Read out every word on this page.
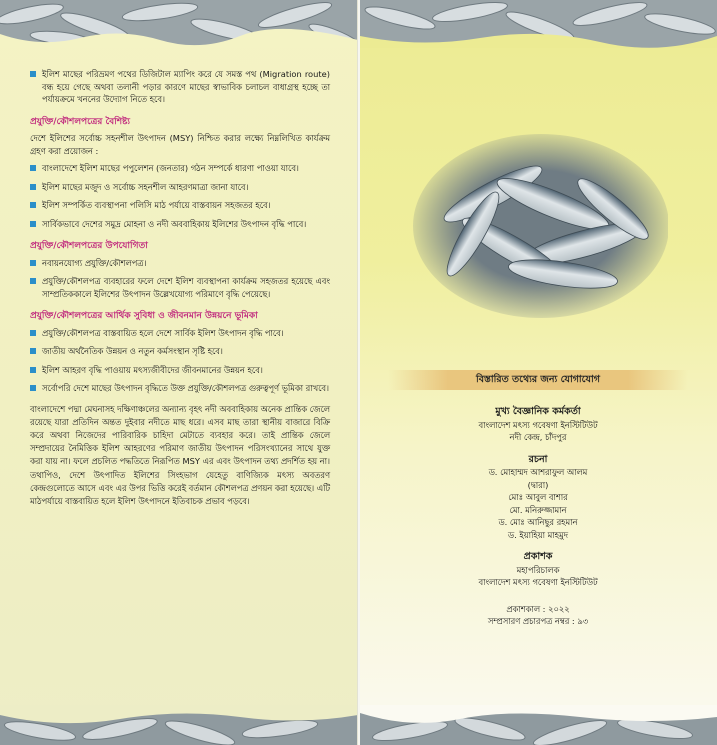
ইলিশ মাছের পরিভ্রমণ পথের ডিজিটাল ম্যাপিং করে যে সমস্ত পথ (Migration route) বন্ধ হয়ে গেছে অথবা তলানী পড়ার কারণে মাছের স্বাভাবিক চলাচল বাধাগ্রস্থ হচ্ছে তা পর্যায়ক্রমে খননের উদ্যোগ নিতে হবে।
প্রযুক্তি/কৌশলপত্রের বৈশিষ্ট্য
দেশে ইলিশের সর্বোচ্চ সহনশীল উৎপাদন (MSY) নিশ্চিত করার লক্ষ্যে নিম্নলিখিত কার্যক্রম গ্রহণ করা প্রয়োজন :
বাংলাদেশে ইলিশ মাছের পপুলেশন (জনতার) গঠন সম্পর্কে ধারণা পাওয়া যাবে।
ইলিশ মাছের মজুদ ও সর্বোচ্চ সহনশীল আহরণমাত্রা জানা যাবে।
ইলিশ সম্পর্কিত ব্যবস্থাপনা পলিসি মাঠ পর্যায়ে বাস্তবায়ন সহজতর হবে।
সার্বিকভাবে দেশের সমুদ্র মোহনা ও নদী অববাহিকায় ইলিশের উৎপাদন বৃদ্ধি পাবে।
প্রযুক্তি/কৌশলপত্রের উপযোগিতা
নবায়নযোগ্য প্রযুক্তি/কৌশলপত্র।
প্রযুক্তি/কৌশলপত্র ব্যবহারের ফলে দেশে ইলিশ ব্যবস্থাপনা কার্যক্রম সহজতর হয়েছে এবং সাম্প্রতিককালে ইলিশের উৎপাদন উল্লেখযোগ্য পরিমাণে বৃদ্ধি পেয়েছে।
প্রযুক্তি/কৌশলপত্রের আর্থিক সুবিধা ও জীবনমান উন্নয়নে ভূমিকা
প্রযুক্তি/কৌশলপত্র বাস্তবায়িত হলে দেশে সার্বিক ইলিশ উৎপাদন বৃদ্ধি পাবে।
জাতীয় অর্থনৈতিক উন্নয়ন ও নতুন কর্মসংস্থান সৃষ্টি হবে।
ইলিশ আহরণ বৃদ্ধি পাওয়ায় মৎস্যজীবীদের জীবনমানের উন্নয়ন হবে।
সর্বোপরি দেশে মাছের উৎপাদন বৃদ্ধিতে উক্ত প্রযুক্তি/কৌশলপত্র গুরুত্বপূর্ণ ভূমিকা রাখবে।
বাংলাদেশে পদ্মা মেঘনাসহ দক্ষিণাঞ্চলের অন্যান্য বৃহৎ নদী অববাহিকায় অনেক প্রান্তিক জেলে রয়েছে যারা প্রতিদিন অন্তত দুইবার নদীতে মাছ ধরে। এসব মাছ তারা স্থানীয় বাজারে বিক্রি করে অথবা নিজেদের পারিবারিক চাহিদা মেটাতে ব্যবহার করে। তাই প্রান্তিক জেলে সম্প্রদায়ের নৈমিত্তিক ইলিশ আহরণের পরিমাণ জাতীয় উৎপাদন পরিসংখ্যানের সাথে যুক্ত করা যায় না। ফলে প্রচলিত পদ্ধতিতে নিরূপিত MSY এর এবং উৎপাদন তথ্য প্রদর্শিত হয় না। তথাপিও, দেশে উৎপাদিত ইলিশের সিংহভাগ যেহেতু বাণিজ্যিক মৎস্য অবতরণ কেন্দ্রগুলোতে আসে এবং এর উপর ভিত্তি করেই বর্তমান কৌশলপত্র প্রণয়ন করা হয়েছে। এটি মাঠপর্যায়ে বাস্তবায়িত হলে ইলিশ উৎপাদনে ইতিবাচক প্রভাব পড়বে।
বিস্তারিত তথ্যের জন্য যোগাযোগ
মুখ্য বৈজ্ঞানিক কর্মকর্তা
বাংলাদেশ মৎস্য গবেষণা ইনস্টিটিউট
নদী কেন্দ্র, চাঁদপুর
রচনা
ড. মোহাম্মদ আশরাফুল আলম
(দ্বারা)
মোঃ আবুল বাশার
মো. মনিরুজ্জামান
ড. মোঃ আনিছুর রহমান
ড. ইয়াহিয়া মাহমুদ
প্রকাশক
মহাপরিচালক
বাংলাদেশ মৎস্য গবেষণা ইনস্টিটিউট
প্রকাশকাল : ২০২২
সম্প্রসারণ প্রচারপত্র নম্বর : ৯৩
